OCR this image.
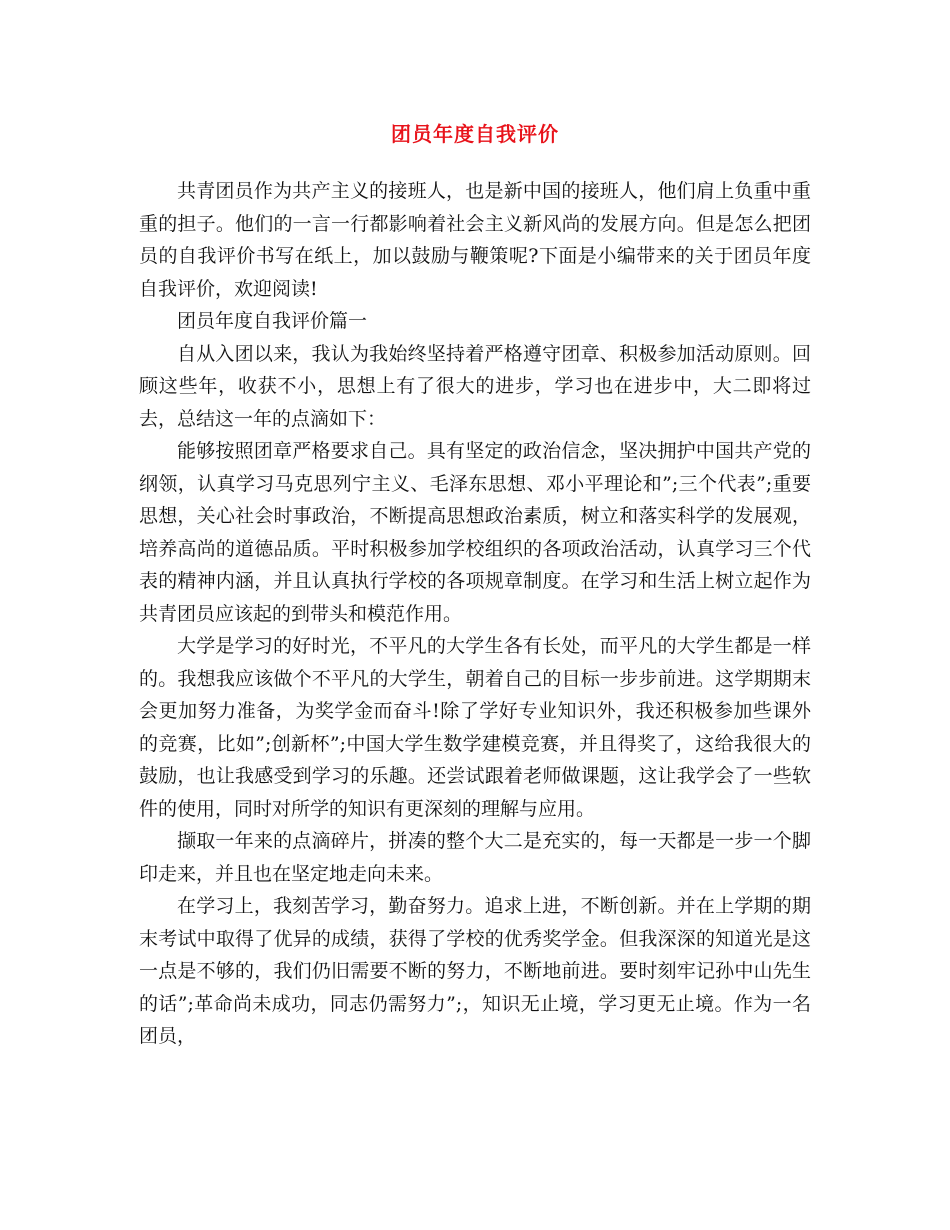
团员年度自我评价

共青团员作为共产主义的接班人，也是新中国的接班人，他们肩上负重中重重的担子。他们的一言一行都影响着社会主义新风尚的发展方向。但是怎么把团员的自我评价书写在纸上，加以鼓励与鞭策呢?下面是小编带来的关于团员年度自我评价，欢迎阅读!

团员年度自我评价篇一

自从入团以来，我认为我始终坚持着严格遵守团章、积极参加活动原则。回顾这些年，收获不小，思想上有了很大的进步，学习也在进步中，大二即将过去，总结这一年的点滴如下：

能够按照团章严格要求自己。具有坚定的政治信念，坚决拥护中国共产党的纲领，认真学习马克思列宁主义、毛泽东思想、邓小平理论和”;三个代表”;重要思想，关心社会时事政治，不断提高思想政治素质，树立和落实科学的发展观，培养高尚的道德品质。平时积极参加学校组织的各项政治活动，认真学习三个代表的精神内涵，并且认真执行学校的各项规章制度。在学习和生活上树立起作为共青团员应该起的到带头和模范作用。

大学是学习的好时光，不平凡的大学生各有长处，而平凡的大学生都是一样的。我想我应该做个不平凡的大学生，朝着自己的目标一步步前进。这学期期末会更加努力准备，为奖学金而奋斗!除了学好专业知识外，我还积极参加些课外的竞赛，比如”;创新杯”;中国大学生数学建模竞赛，并且得奖了，这给我很大的鼓励，也让我感受到学习的乐趣。还尝试跟着老师做课题，这让我学会了一些软件的使用，同时对所学的知识有更深刻的理解与应用。

撷取一年来的点滴碎片，拼凑的整个大二是充实的，每一天都是一步一个脚印走来，并且也在坚定地走向未来。

在学习上，我刻苦学习，勤奋努力。追求上进，不断创新。并在上学期的期末考试中取得了优异的成绩，获得了学校的优秀奖学金。但我深深的知道光是这一点是不够的，我们仍旧需要不断的努力，不断地前进。要时刻牢记孙中山先生的话”;革命尚未成功，同志仍需努力”;，知识无止境，学习更无止境。作为一名团员，
